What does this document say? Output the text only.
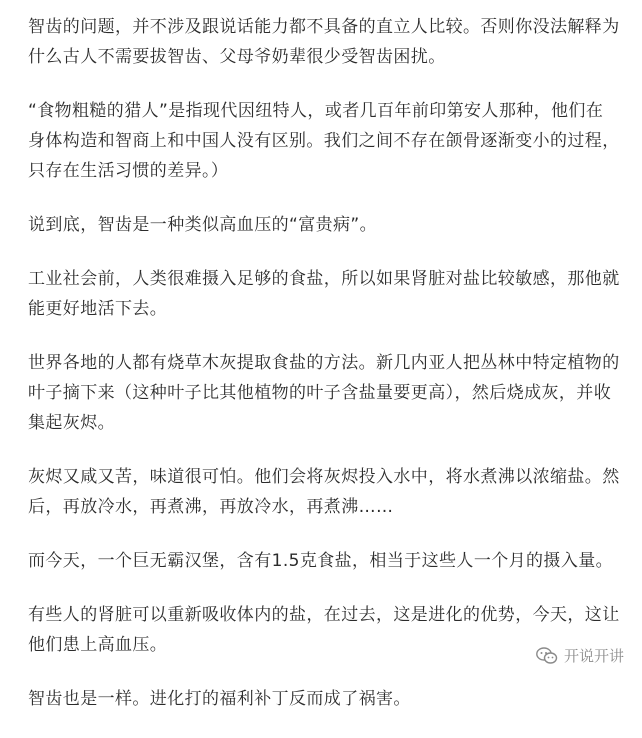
智齿的问题，并不涉及跟说话能力都不具备的直立人比较。否则你没法解释为什么古人不需要拔智齿、父母爷奶辈很少受智齿困扰。

“食物粗糙的猎人”是指现代因纽特人，或者几百年前印第安人那种，他们在身体构造和智商上和中国人没有区别。我们之间不存在颌骨逐渐变小的过程，只存在生活习惯的差异。）

说到底，智齿是一种类似高血压的“富贵病”。

工业社会前，人类很难摄入足够的食盐，所以如果肾脏对盐比较敏感，那他就能更好地活下去。

世界各地的人都有烧草木灰提取食盐的方法。新几内亚人把丛林中特定植物的叶子摘下来（这种叶子比其他植物的叶子含盐量要更高），然后烧成灰，并收集起灰烬。

灰烬又咸又苦，味道很可怕。他们会将灰烬投入水中，将水煮沸以浓缩盐。然后，再放冷水，再煮沸，再放冷水，再煮沸……

而今天，一个巨无霸汉堡，含有1.5克食盐，相当于这些人一个月的摄入量。

有些人的肾脏可以重新吸收体内的盐，在过去，这是进化的优势，今天，这让他们患上高血压。

智齿也是一样。进化打的福利补丁反而成了祸害。

开说开讲
